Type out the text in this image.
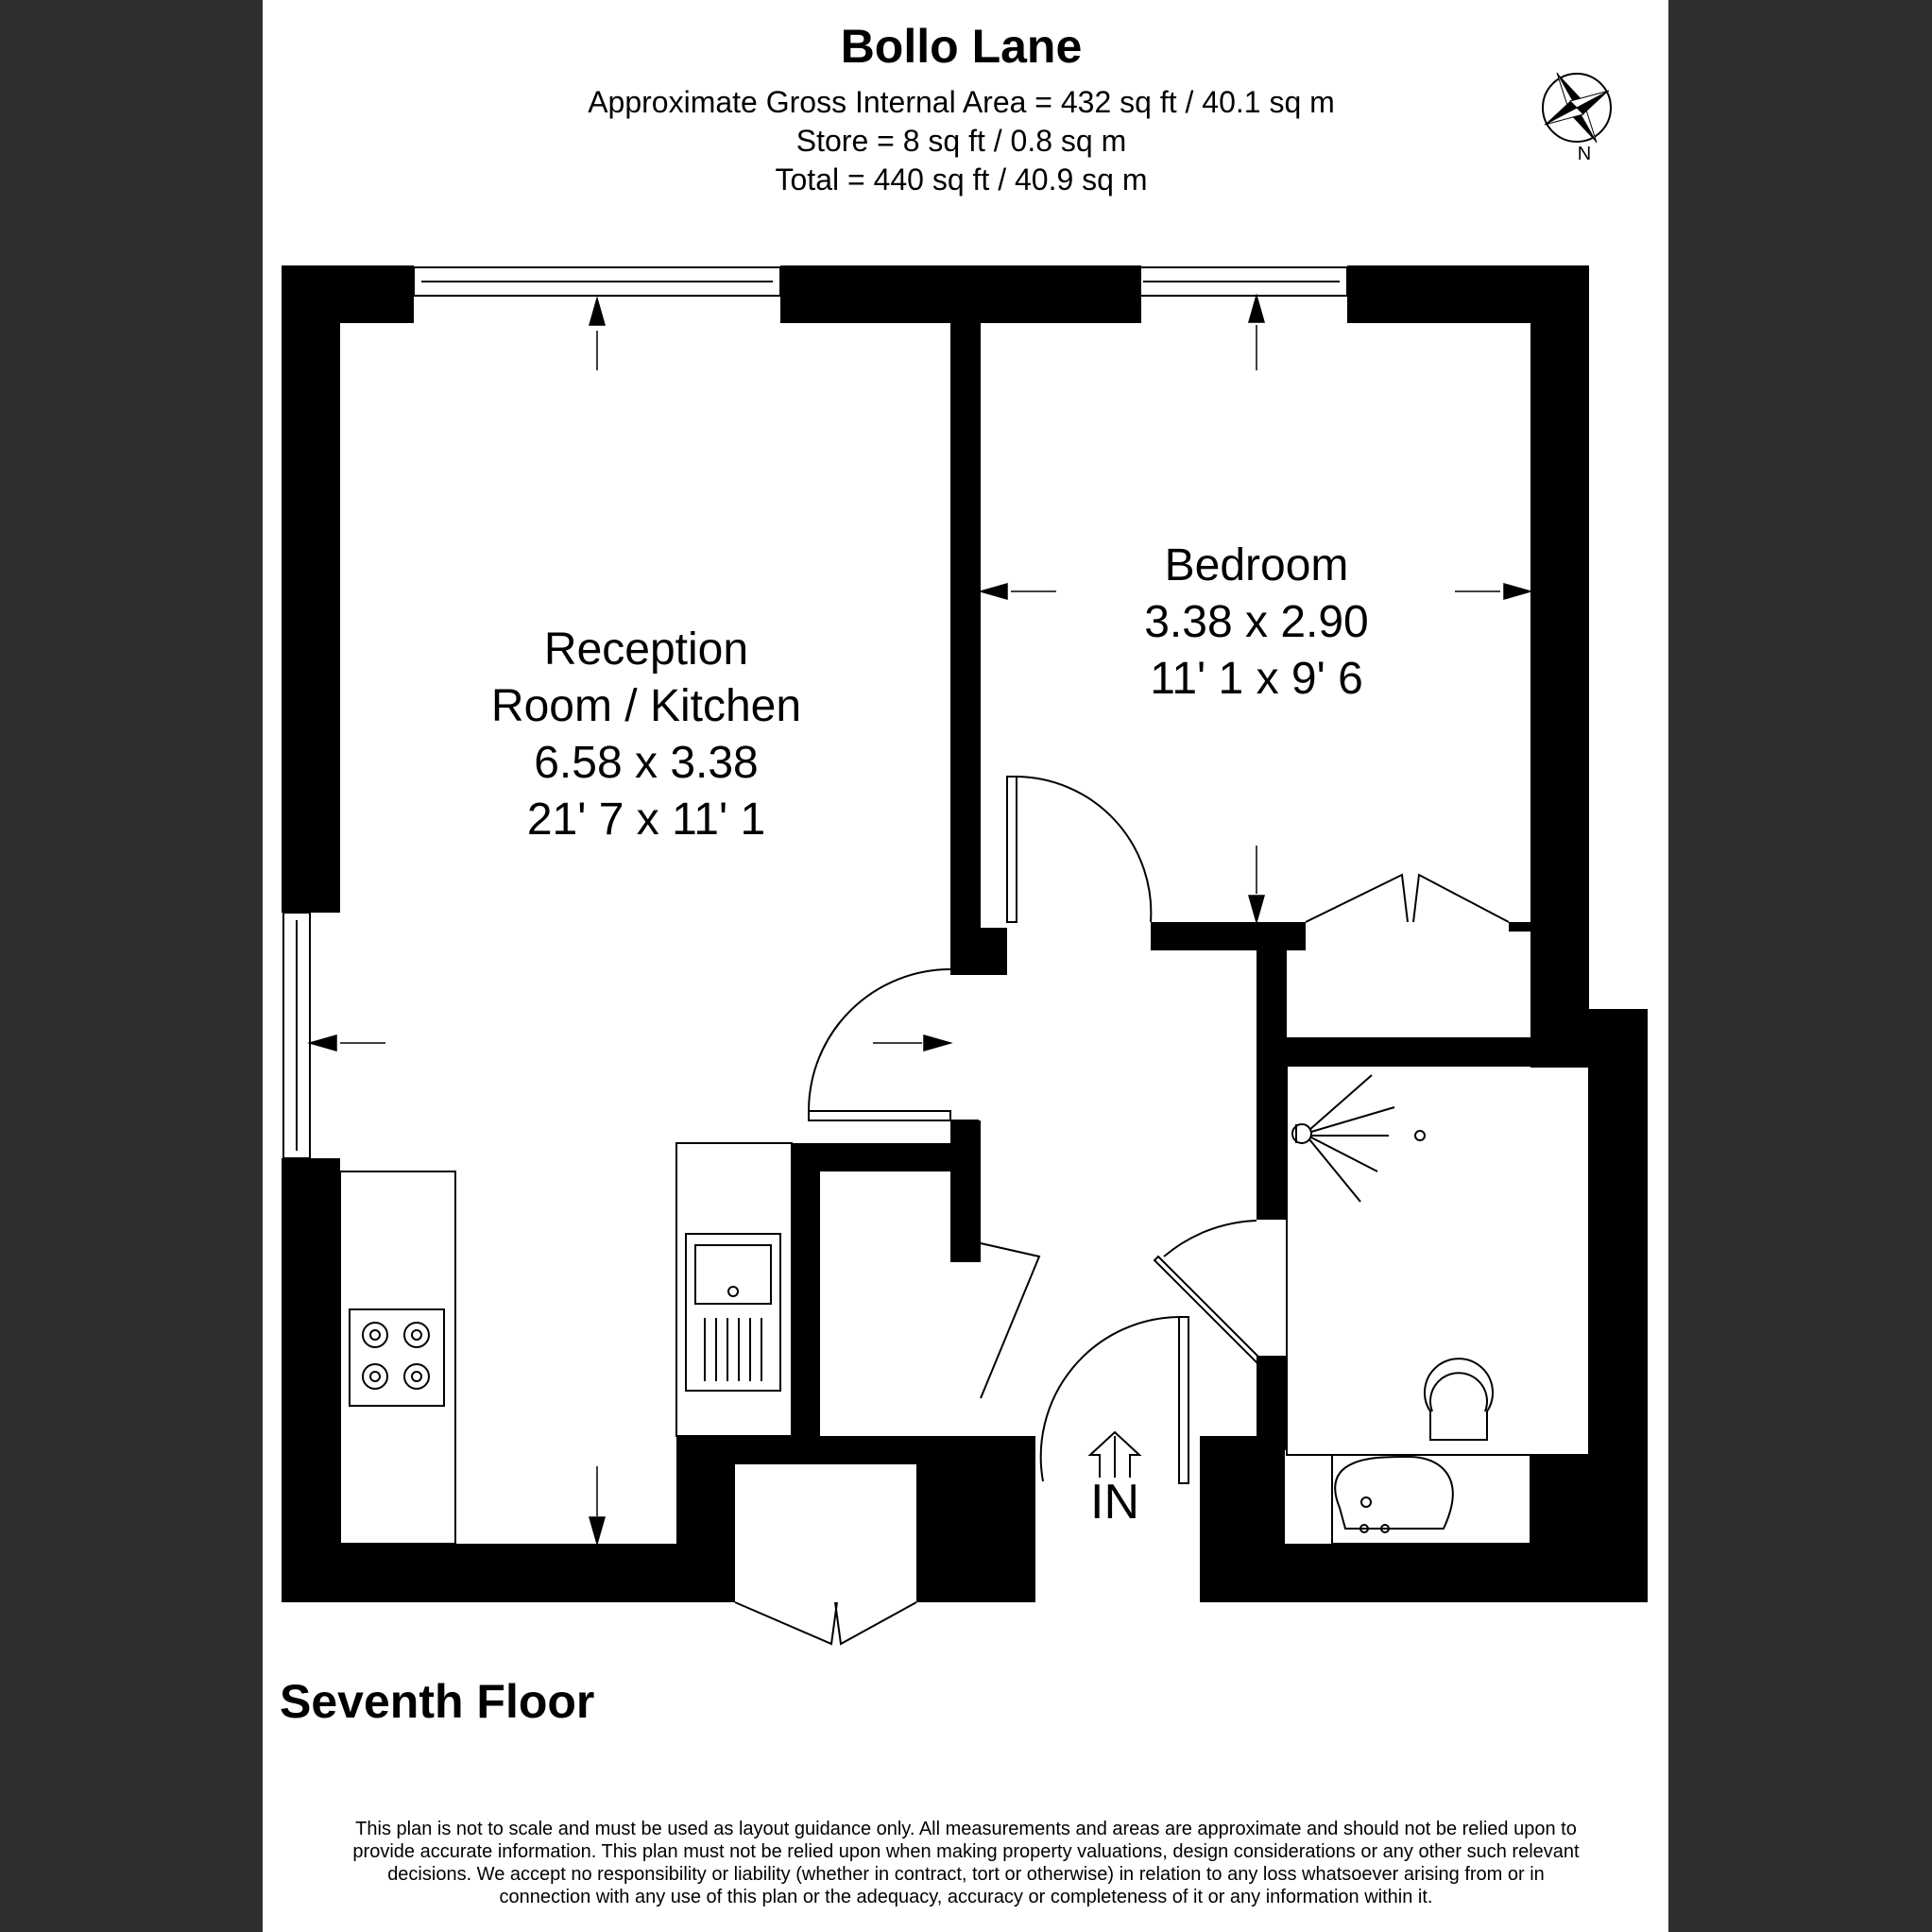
Bollo Lane
Approximate Gross Internal Area = 432 sq ft / 40.1 sq m
Store = 8 sq ft / 0.8 sq m
Total = 440 sq ft / 40.9 sq m
N
Reception
Room / Kitchen
6.58 x 3.38
21' 7 x 11' 1
Bedroom
3.38 x 2.90
11' 1 x 9' 6
IN
Seventh Floor
This plan is not to scale and must be used as layout guidance only. All measurements and areas are approximate and should not be relied upon to
provide accurate information. This plan must not be relied upon when making property valuations, design considerations or any other such relevant
decisions. We accept no responsibility or liability (whether in contract, tort or otherwise) in relation to any loss whatsoever arising from or in
connection with any use of this plan or the adequacy, accuracy or completeness of it or any information within it.
